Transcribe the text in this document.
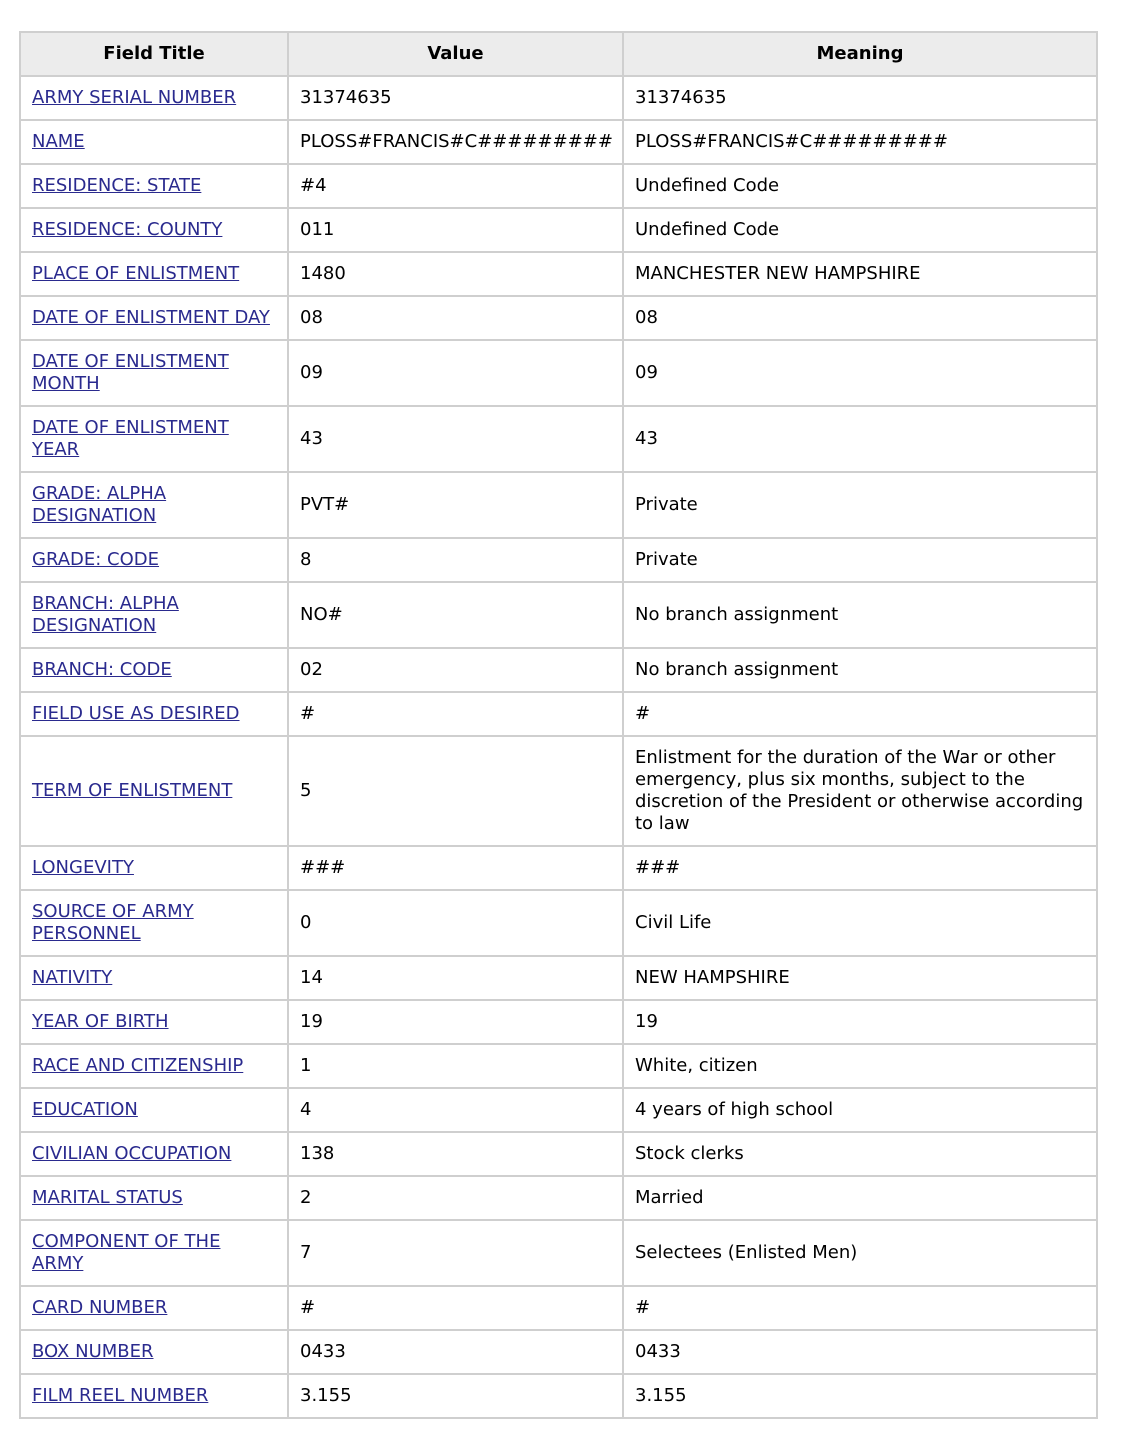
Field Title	Value	Meaning
ARMY SERIAL NUMBER	31374635	31374635
NAME	PLOSS#FRANCIS#C#########	PLOSS#FRANCIS#C#########
RESIDENCE: STATE	#4	Undefined Code
RESIDENCE: COUNTY	011	Undefined Code
PLACE OF ENLISTMENT	1480	MANCHESTER NEW HAMPSHIRE
DATE OF ENLISTMENT DAY	08	08
DATE OF ENLISTMENT MONTH	09	09
DATE OF ENLISTMENT YEAR	43	43
GRADE: ALPHA DESIGNATION	PVT#	Private
GRADE: CODE	8	Private
BRANCH: ALPHA DESIGNATION	NO#	No branch assignment
BRANCH: CODE	02	No branch assignment
FIELD USE AS DESIRED	#	#
TERM OF ENLISTMENT	5	Enlistment for the duration of the War or other emergency, plus six months, subject to the discretion of the President or otherwise according to law
LONGEVITY	###	###
SOURCE OF ARMY PERSONNEL	0	Civil Life
NATIVITY	14	NEW HAMPSHIRE
YEAR OF BIRTH	19	19
RACE AND CITIZENSHIP	1	White, citizen
EDUCATION	4	4 years of high school
CIVILIAN OCCUPATION	138	Stock clerks
MARITAL STATUS	2	Married
COMPONENT OF THE ARMY	7	Selectees (Enlisted Men)
CARD NUMBER	#	#
BOX NUMBER	0433	0433
FILM REEL NUMBER	3.155	3.155
